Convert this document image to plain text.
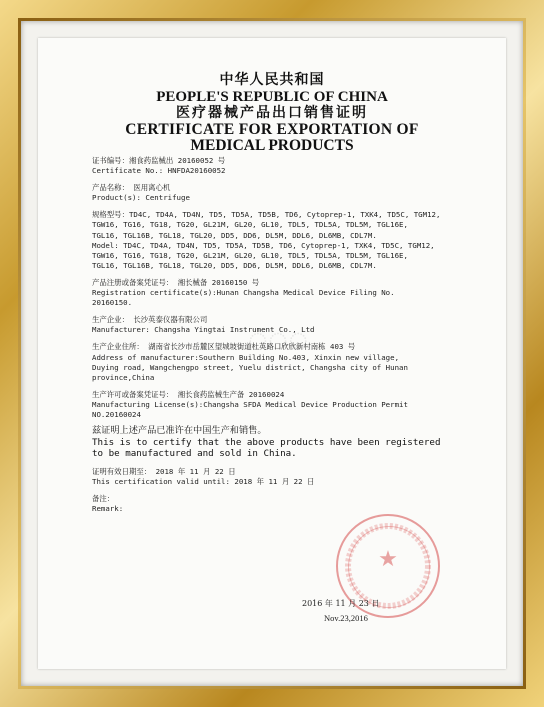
◌◌◌
中华人民共和国
PEOPLE'S REPUBLIC OF CHINA
医疗器械产品出口销售证明
CERTIFICATE FOR EXPORTATION OF
MEDICAL PRODUCTS
证书编号：湘食药监械出 20160052 号
Certificate No.: HNFDA20160052
产品名称： 医用离心机
Product(s): Centrifuge
规格型号：TD4C, TD4A, TD4N, TD5, TD5A, TD5B, TD6, Cytoprep-1, TXK4, TD5C, TGM12,
TGW16, TG16, TG18, TG20, GL21M, GL20, GL10, TDL5, TDL5A, TDL5M, TGL16E,
TGL16, TGL16B, TGL18, TGL20, DD5, DD6, DL5M, DDL6, DL6MB, CDL7M.
Model: TD4C, TD4A, TD4N, TD5, TD5A, TD5B, TD6, Cytoprep-1, TXK4, TD5C, TGM12,
TGW16, TG16, TG18, TG20, GL21M, GL20, GL10, TDL5, TDL5A, TDL5M, TGL16E,
TGL16, TGL16B, TGL18, TGL20, DD5, DD6, DL5M, DDL6, DL6MB, CDL7M.
产品注册或备案凭证号： 湘长械备 20160150 号
Registration certificate(s):Hunan Changsha Medical Device Filing No.
20160150.
生产企业： 长沙英泰仪器有限公司
Manufacturer: Changsha Yingtai Instrument Co., Ltd
生产企业住所： 湖南省长沙市岳麓区望城坡街道杜英路口欣欣新村南栋 403 号
Address of manufacturer:Southern Building No.403, Xinxin new village,
Duying road, Wangchengpo street, Yuelu district, Changsha city of Hunan
province,China
生产许可或备案凭证号： 湘长食药监械生产备 20160024
Manufacturing License(s):Changsha SFDA Medical Device Production Permit
NO.20160024
兹证明上述产品已准许在中国生产和销售。
This is to certify that the above products have been registered
to be manufactured and sold in China.
证明有效日期至： 2018 年 11 月 22 日
This certification valid until: 2018 年 11 月 22 日
备注：
Remark:
★
2016 年 11 月 23 日
Nov.23,2016
